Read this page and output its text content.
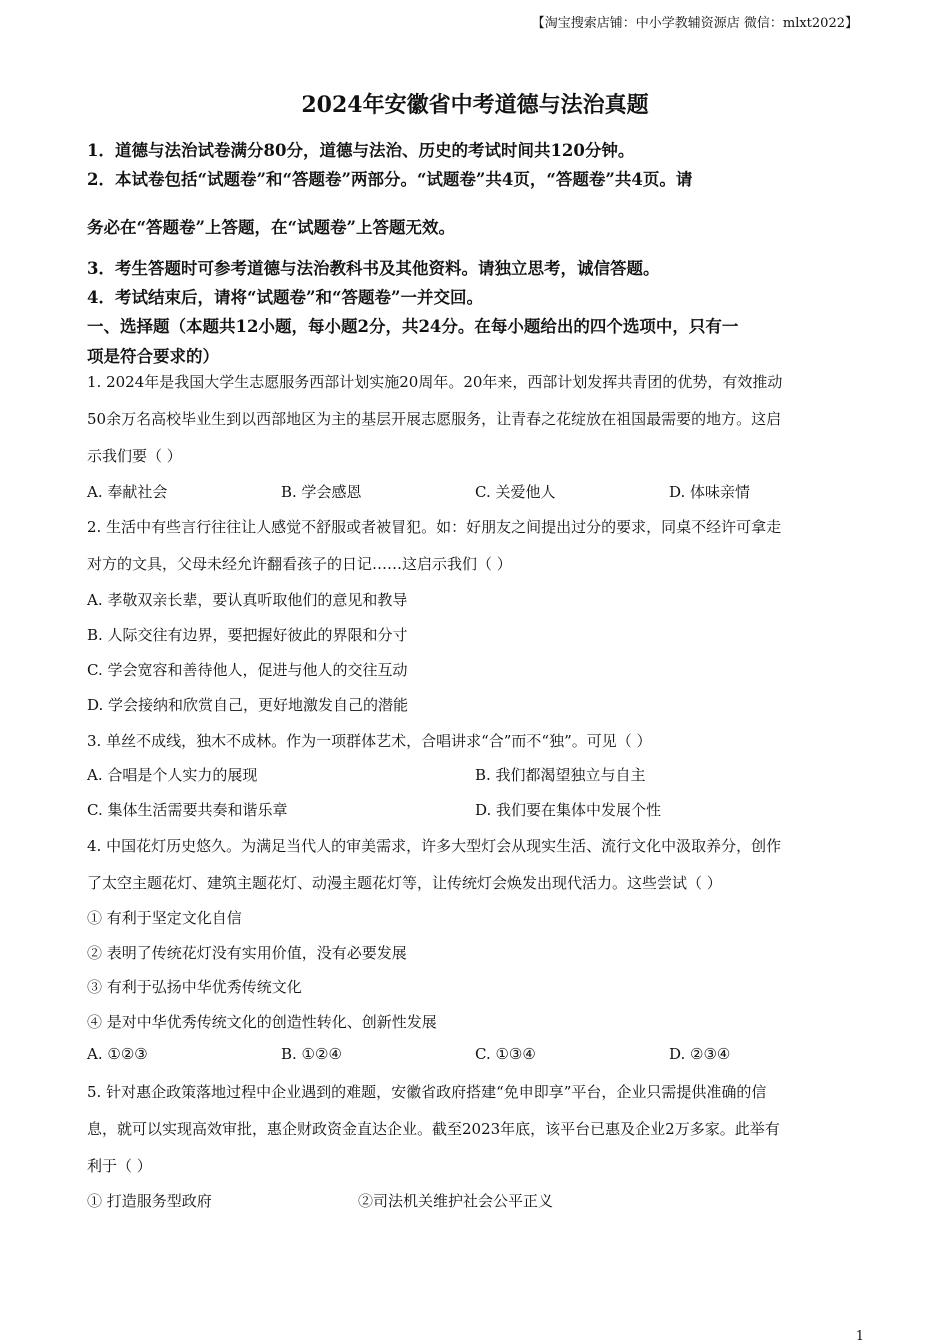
【淘宝搜索店铺：中小学教辅资源店 微信：mlxt2022】
2024年安徽省中考道德与法治真题
1．道德与法治试卷满分80分，道德与法治、历史的考试时间共120分钟。
2．本试卷包括“试题卷”和“答题卷”两部分。“试题卷”共4页，“答题卷”共4页。请
务必在“答题卷”上答题，在“试题卷”上答题无效。
3．考生答题时可参考道德与法治教科书及其他资料。请独立思考，诚信答题。
4．考试结束后，请将“试题卷”和“答题卷”一并交回。
一、选择题（本题共12小题，每小题2分，共24分。在每小题给出的四个选项中，只有一
项是符合要求的）
1. 2024年是我国大学生志愿服务西部计划实施20周年。20年来，西部计划发挥共青团的优势，有效推动
50余万名高校毕业生到以西部地区为主的基层开展志愿服务，让青春之花绽放在祖国最需要的地方。这启
示我们要（ ）
A. 奉献社会	B. 学会感恩	C. 关爱他人	D. 体味亲情
2. 生活中有些言行往往让人感觉不舒服或者被冒犯。如：好朋友之间提出过分的要求，同桌不经许可拿走
对方的文具，父母未经允许翻看孩子的日记……这启示我们（ ）
A. 孝敬双亲长辈，要认真听取他们的意见和教导
B. 人际交往有边界，要把握好彼此的界限和分寸
C. 学会宽容和善待他人，促进与他人的交往互动
D. 学会接纳和欣赏自己，更好地激发自己的潜能
3. 单丝不成线，独木不成林。作为一项群体艺术，合唱讲求“合”而不“独”。可见（ ）
A. 合唱是个人实力的展现	B. 我们都渴望独立与自主
C. 集体生活需要共奏和谐乐章	D. 我们要在集体中发展个性
4. 中国花灯历史悠久。为满足当代人的审美需求，许多大型灯会从现实生活、流行文化中汲取养分，创作
了太空主题花灯、建筑主题花灯、动漫主题花灯等，让传统灯会焕发出现代活力。这些尝试（ ）
① 有利于坚定文化自信
② 表明了传统花灯没有实用价值，没有必要发展
③ 有利于弘扬中华优秀传统文化
④ 是对中华优秀传统文化的创造性转化、创新性发展
A. ①②③	B. ①②④	C. ①③④	D. ②③④
5. 针对惠企政策落地过程中企业遇到的难题，安徽省政府搭建“免申即享”平台，企业只需提供准确的信
息，就可以实现高效审批，惠企财政资金直达企业。截至2023年底，该平台已惠及企业2万多家。此举有
利于（ ）
① 打造服务型政府	②司法机关维护社会公平正义
1
